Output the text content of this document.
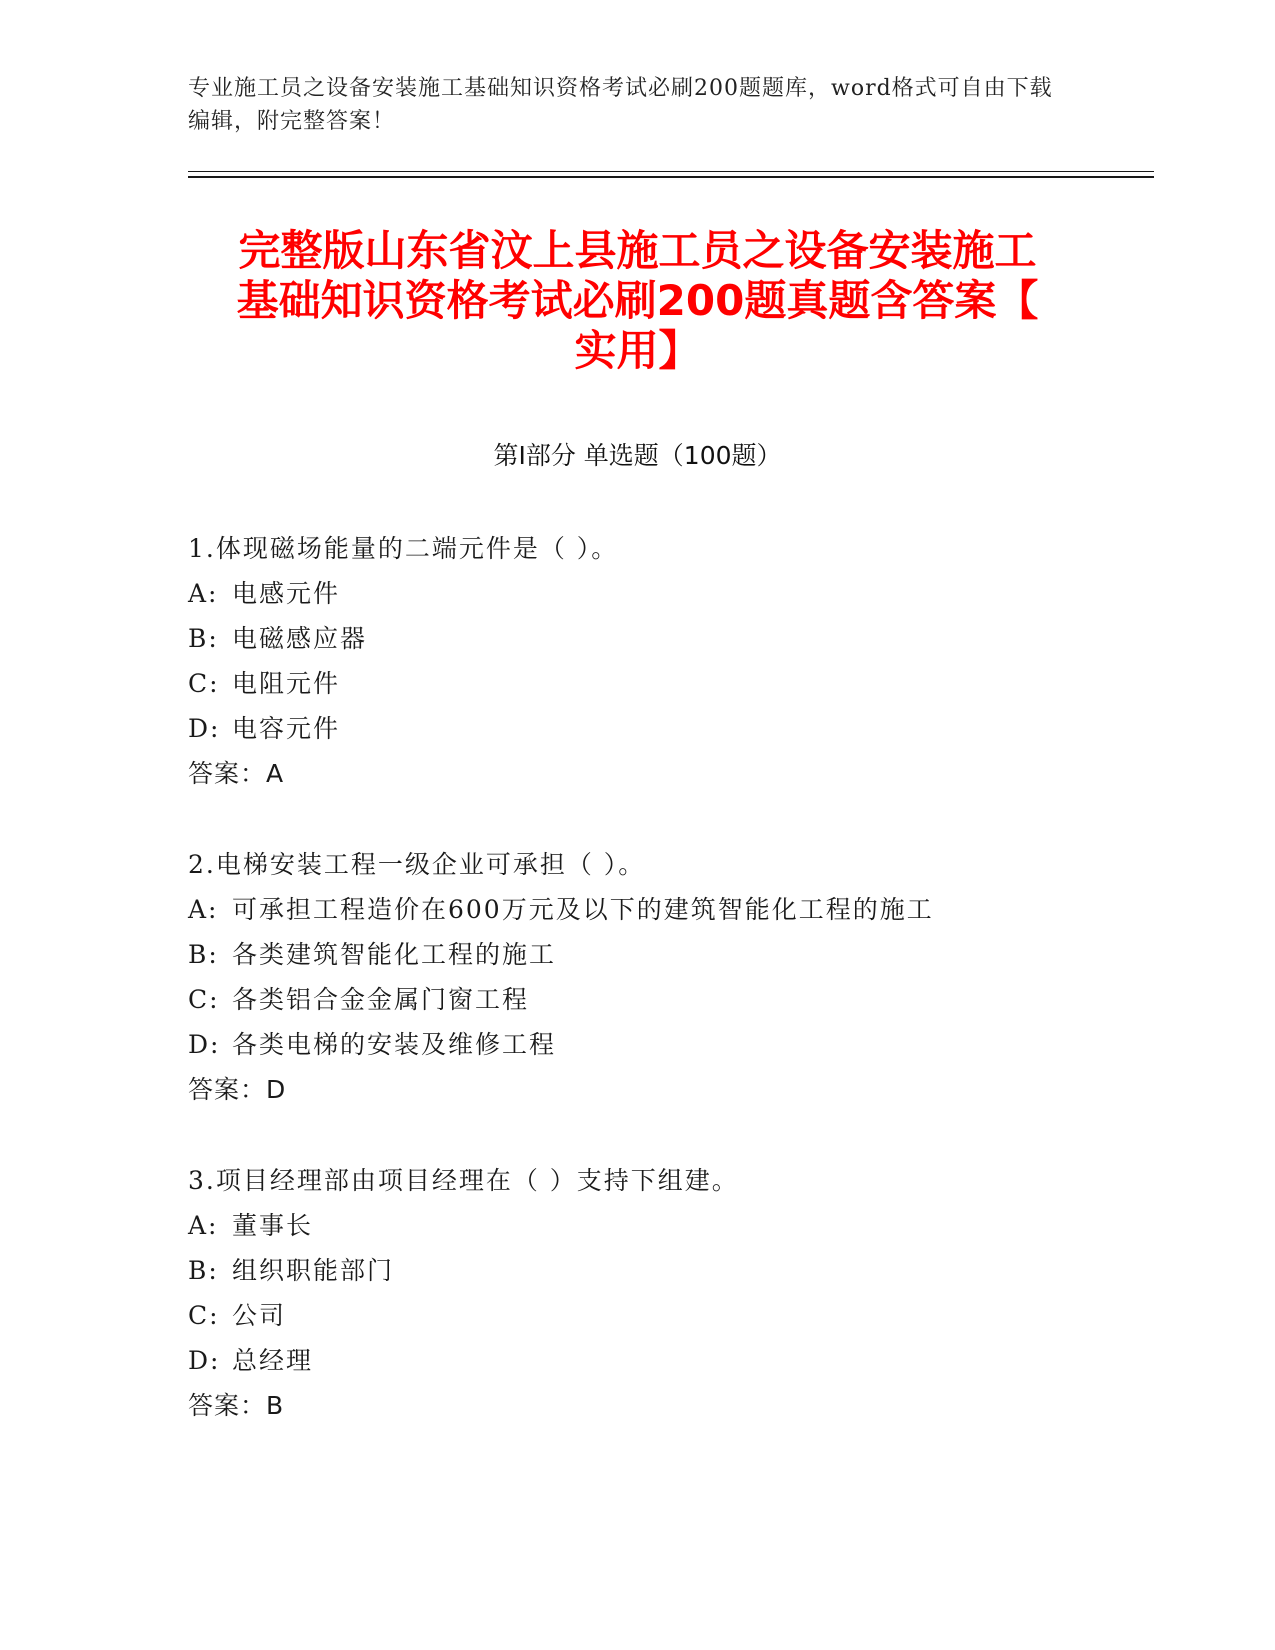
专业施工员之设备安装施工基础知识资格考试必刷200题题库，word格式可自由下载编辑，附完整答案！
完整版山东省汶上县施工员之设备安装施工
基础知识资格考试必刷200题真题含答案【
实用】
第I部分 单选题（100题）
1.体现磁场能量的二端元件是（ ）。
A: 电感元件
B: 电磁感应器
C: 电阻元件
D: 电容元件
答案：A
2.电梯安装工程一级企业可承担（ ）。
A: 可承担工程造价在600万元及以下的建筑智能化工程的施工
B: 各类建筑智能化工程的施工
C: 各类铝合金金属门窗工程
D: 各类电梯的安装及维修工程
答案：D
3.项目经理部由项目经理在（ ）支持下组建。
A: 董事长
B: 组织职能部门
C: 公司
D: 总经理
答案：B
